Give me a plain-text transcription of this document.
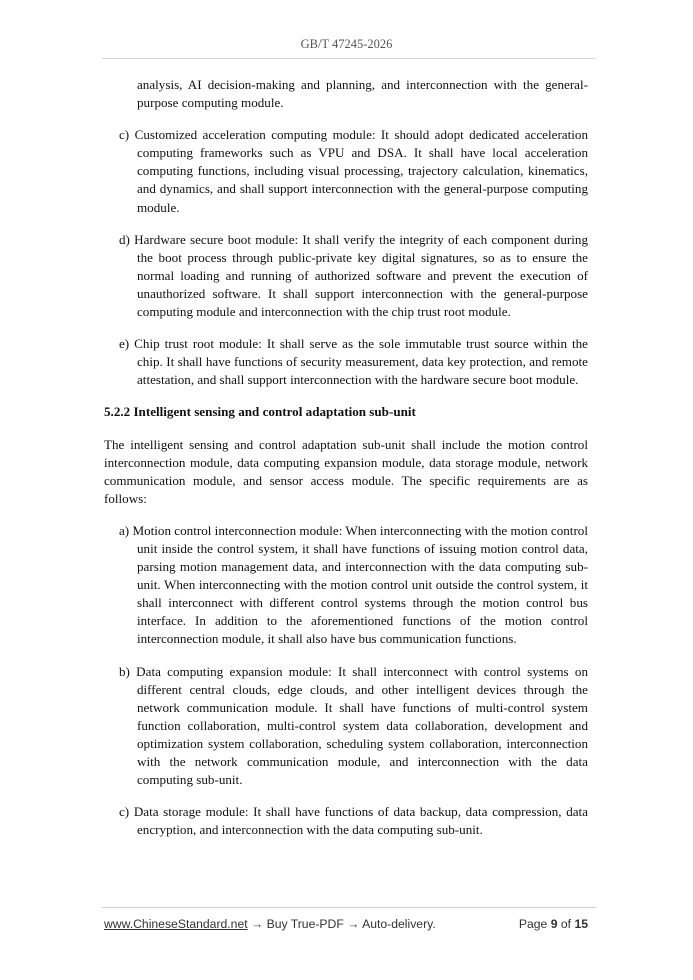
GB/T 47245-2026

analysis, AI decision-making and planning, and interconnection with the general-purpose computing module.

c) Customized acceleration computing module: It should adopt dedicated acceleration computing frameworks such as VPU and DSA. It shall have local acceleration computing functions, including visual processing, trajectory calculation, kinematics, and dynamics, and shall support interconnection with the general-purpose computing module.

d) Hardware secure boot module: It shall verify the integrity of each component during the boot process through public-private key digital signatures, so as to ensure the normal loading and running of authorized software and prevent the execution of unauthorized software. It shall support interconnection with the general-purpose computing module and interconnection with the chip trust root module.

e) Chip trust root module: It shall serve as the sole immutable trust source within the chip. It shall have functions of security measurement, data key protection, and remote attestation, and shall support interconnection with the hardware secure boot module.

5.2.2 Intelligent sensing and control adaptation sub-unit

The intelligent sensing and control adaptation sub-unit shall include the motion control interconnection module, data computing expansion module, data storage module, network communication module, and sensor access module. The specific requirements are as follows:

a) Motion control interconnection module: When interconnecting with the motion control unit inside the control system, it shall have functions of issuing motion control data, parsing motion management data, and interconnection with the data computing sub-unit. When interconnecting with the motion control unit outside the control system, it shall interconnect with different control systems through the motion control bus interface. In addition to the aforementioned functions of the motion control interconnection module, it shall also have bus communication functions.

b) Data computing expansion module: It shall interconnect with control systems on different central clouds, edge clouds, and other intelligent devices through the network communication module. It shall have functions of multi-control system function collaboration, multi-control system data collaboration, development and optimization system collaboration, scheduling system collaboration, interconnection with the network communication module, and interconnection with the data computing sub-unit.

c) Data storage module: It shall have functions of data backup, data compression, data encryption, and interconnection with the data computing sub-unit.

www.ChineseStandard.net → Buy True-PDF → Auto-delivery.	Page 9 of 15
